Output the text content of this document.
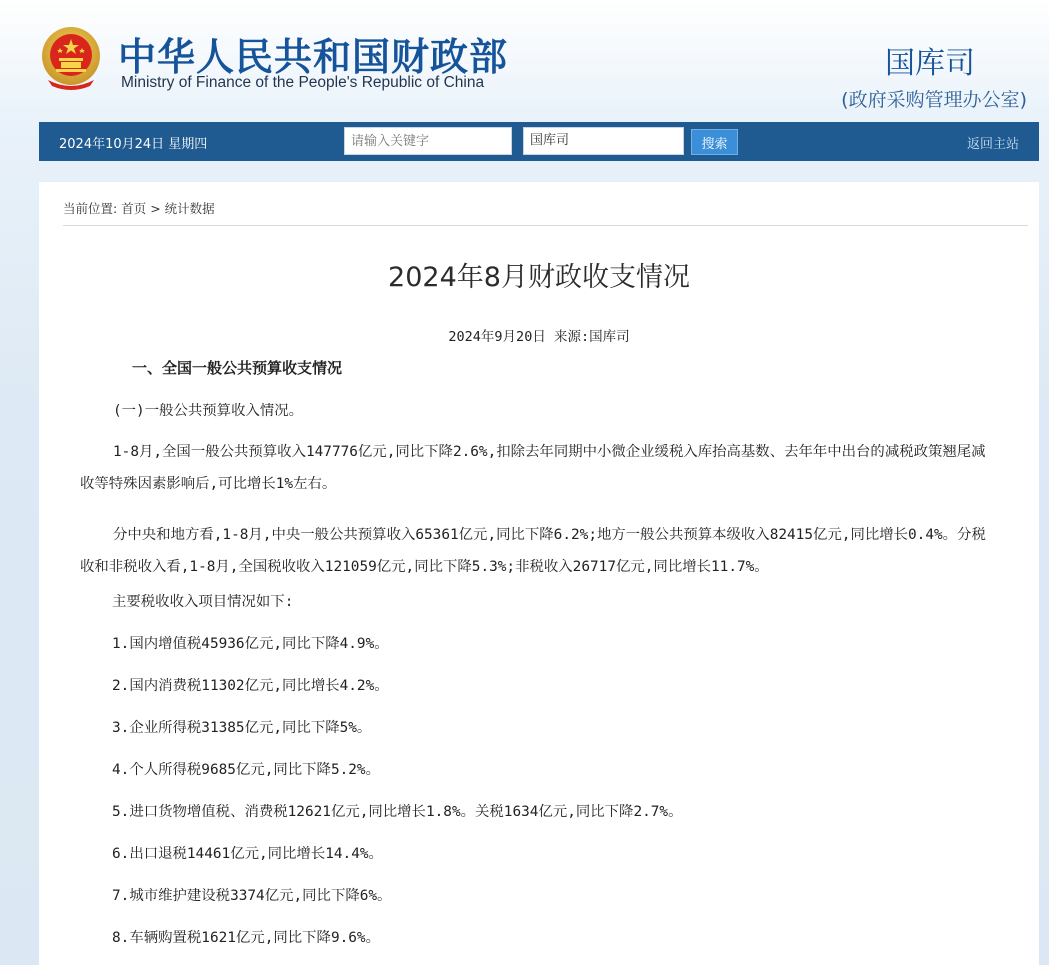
中华人民共和国财政部

Ministry of Finance of the People's Republic of China

国库司
(政府采购管理办公室)
2024年10月24日 星期四
请输入关键字	国库司	搜索	返回主站
当前位置: 首页 > 统计数据
2024年8月财政收支情况
2024年9月20日 来源:国库司

一、全国一般公共预算收支情况

(一)一般公共预算收入情况。

1-8月,全国一般公共预算收入147776亿元,同比下降2.6%,扣除去年同期中小微企业缓税入库抬高基数、去年年中出台的减税政策翘尾减收等特殊因素影响后,可比增长1%左右。

分中央和地方看,1-8月,中央一般公共预算收入65361亿元,同比下降6.2%;地方一般公共预算本级收入82415亿元,同比增长0.4%。分税收和非税收入看,1-8月,全国税收收入121059亿元,同比下降5.3%;非税收入26717亿元,同比增长11.7%。

主要税收收入项目情况如下:

1.国内增值税45936亿元,同比下降4.9%。

2.国内消费税11302亿元,同比增长4.2%。

3.企业所得税31385亿元,同比下降5%。

4.个人所得税9685亿元,同比下降5.2%。

5.进口货物增值税、消费税12621亿元,同比增长1.8%。关税1634亿元,同比下降2.7%。

6.出口退税14461亿元,同比增长14.4%。

7.城市维护建设税3374亿元,同比下降6%。

8.车辆购置税1621亿元,同比下降9.6%。
